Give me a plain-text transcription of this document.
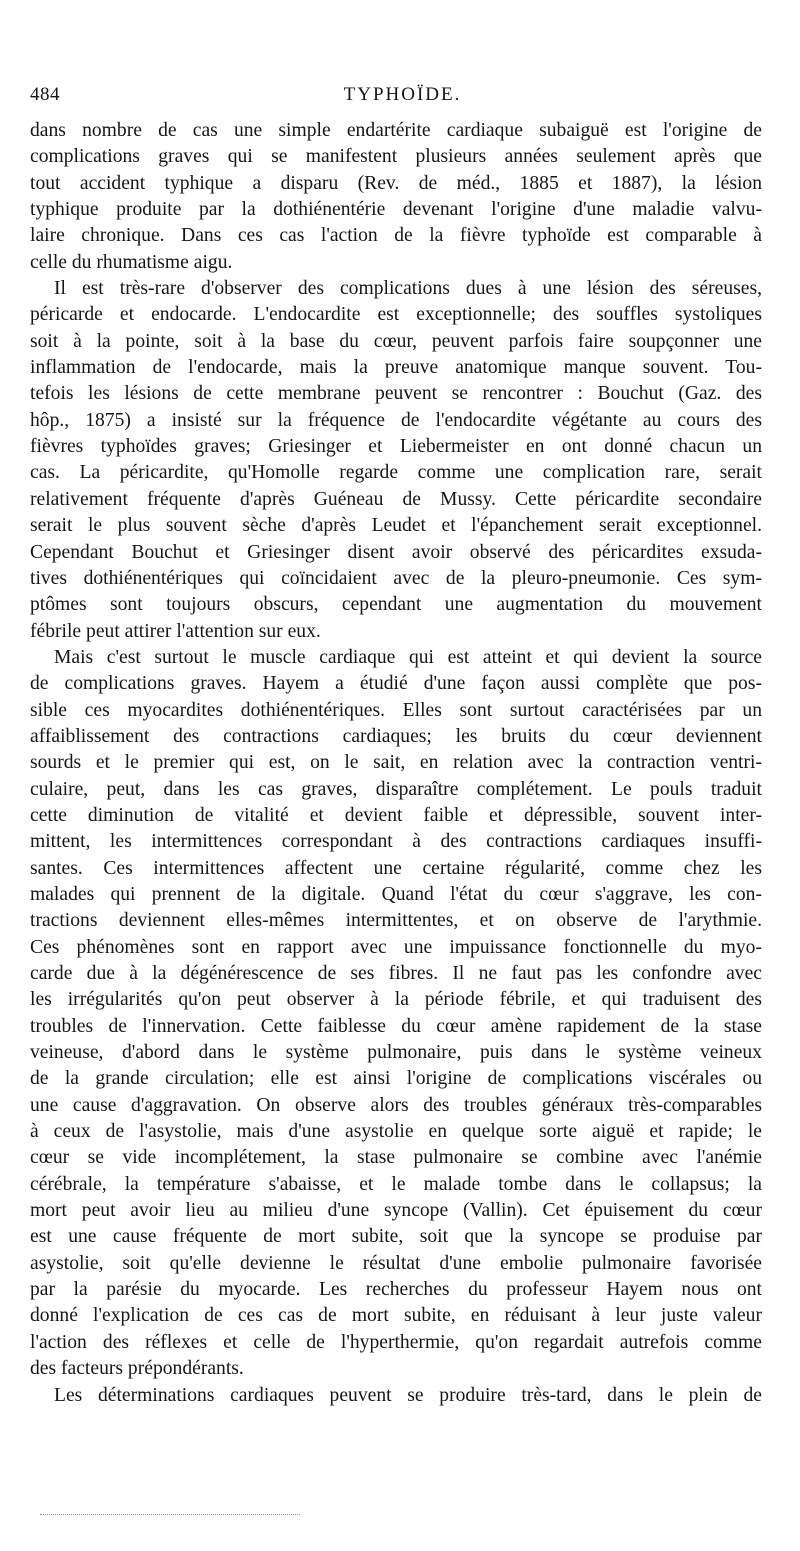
484	TYPHOÏDE.
dans nombre de cas une simple endartérite cardiaque subaiguë est l'origine de
complications graves qui se manifestent plusieurs années seulement après que
tout accident typhique a disparu (Rev. de méd., 1885 et 1887), la lésion
typhique produite par la dothiénentérie devenant l'origine d'une maladie valvu-
laire chronique. Dans ces cas l'action de la fièvre typhoïde est comparable à
celle du rhumatisme aigu.
Il est très-rare d'observer des complications dues à une lésion des séreuses,
péricarde et endocarde. L'endocardite est exceptionnelle; des souffles systoliques
soit à la pointe, soit à la base du cœur, peuvent parfois faire soupçonner une
inflammation de l'endocarde, mais la preuve anatomique manque souvent. Tou-
tefois les lésions de cette membrane peuvent se rencontrer : Bouchut (Gaz. des
hôp., 1875) a insisté sur la fréquence de l'endocardite végétante au cours des
fièvres typhoïdes graves; Griesinger et Liebermeister en ont donné chacun un
cas. La péricardite, qu'Homolle regarde comme une complication rare, serait
relativement fréquente d'après Guéneau de Mussy. Cette péricardite secondaire
serait le plus souvent sèche d'après Leudet et l'épanchement serait exceptionnel.
Cependant Bouchut et Griesinger disent avoir observé des péricardites exsuda-
tives dothiénentériques qui coïncidaient avec de la pleuro-pneumonie. Ces sym-
ptômes sont toujours obscurs, cependant une augmentation du mouvement
fébrile peut attirer l'attention sur eux.
Mais c'est surtout le muscle cardiaque qui est atteint et qui devient la source
de complications graves. Hayem a étudié d'une façon aussi complète que pos-
sible ces myocardites dothiénentériques. Elles sont surtout caractérisées par un
affaiblissement des contractions cardiaques; les bruits du cœur deviennent
sourds et le premier qui est, on le sait, en relation avec la contraction ventri-
culaire, peut, dans les cas graves, disparaître complétement. Le pouls traduit
cette diminution de vitalité et devient faible et dépressible, souvent inter-
mittent, les intermittences correspondant à des contractions cardiaques insuffi-
santes. Ces intermittences affectent une certaine régularité, comme chez les
malades qui prennent de la digitale. Quand l'état du cœur s'aggrave, les con-
tractions deviennent elles-mêmes intermittentes, et on observe de l'arythmie.
Ces phénomènes sont en rapport avec une impuissance fonctionnelle du myo-
carde due à la dégénérescence de ses fibres. Il ne faut pas les confondre avec
les irrégularités qu'on peut observer à la période fébrile, et qui traduisent des
troubles de l'innervation. Cette faiblesse du cœur amène rapidement de la stase
veineuse, d'abord dans le système pulmonaire, puis dans le système veineux
de la grande circulation; elle est ainsi l'origine de complications viscérales ou
une cause d'aggravation. On observe alors des troubles généraux très-comparables
à ceux de l'asystolie, mais d'une asystolie en quelque sorte aiguë et rapide; le
cœur se vide incomplétement, la stase pulmonaire se combine avec l'anémie
cérébrale, la température s'abaisse, et le malade tombe dans le collapsus; la
mort peut avoir lieu au milieu d'une syncope (Vallin). Cet épuisement du cœur
est une cause fréquente de mort subite, soit que la syncope se produise par
asystolie, soit qu'elle devienne le résultat d'une embolie pulmonaire favorisée
par la parésie du myocarde. Les recherches du professeur Hayem nous ont
donné l'explication de ces cas de mort subite, en réduisant à leur juste valeur
l'action des réflexes et celle de l'hyperthermie, qu'on regardait autrefois comme
des facteurs prépondérants.
Les déterminations cardiaques peuvent se produire très-tard, dans le plein de
